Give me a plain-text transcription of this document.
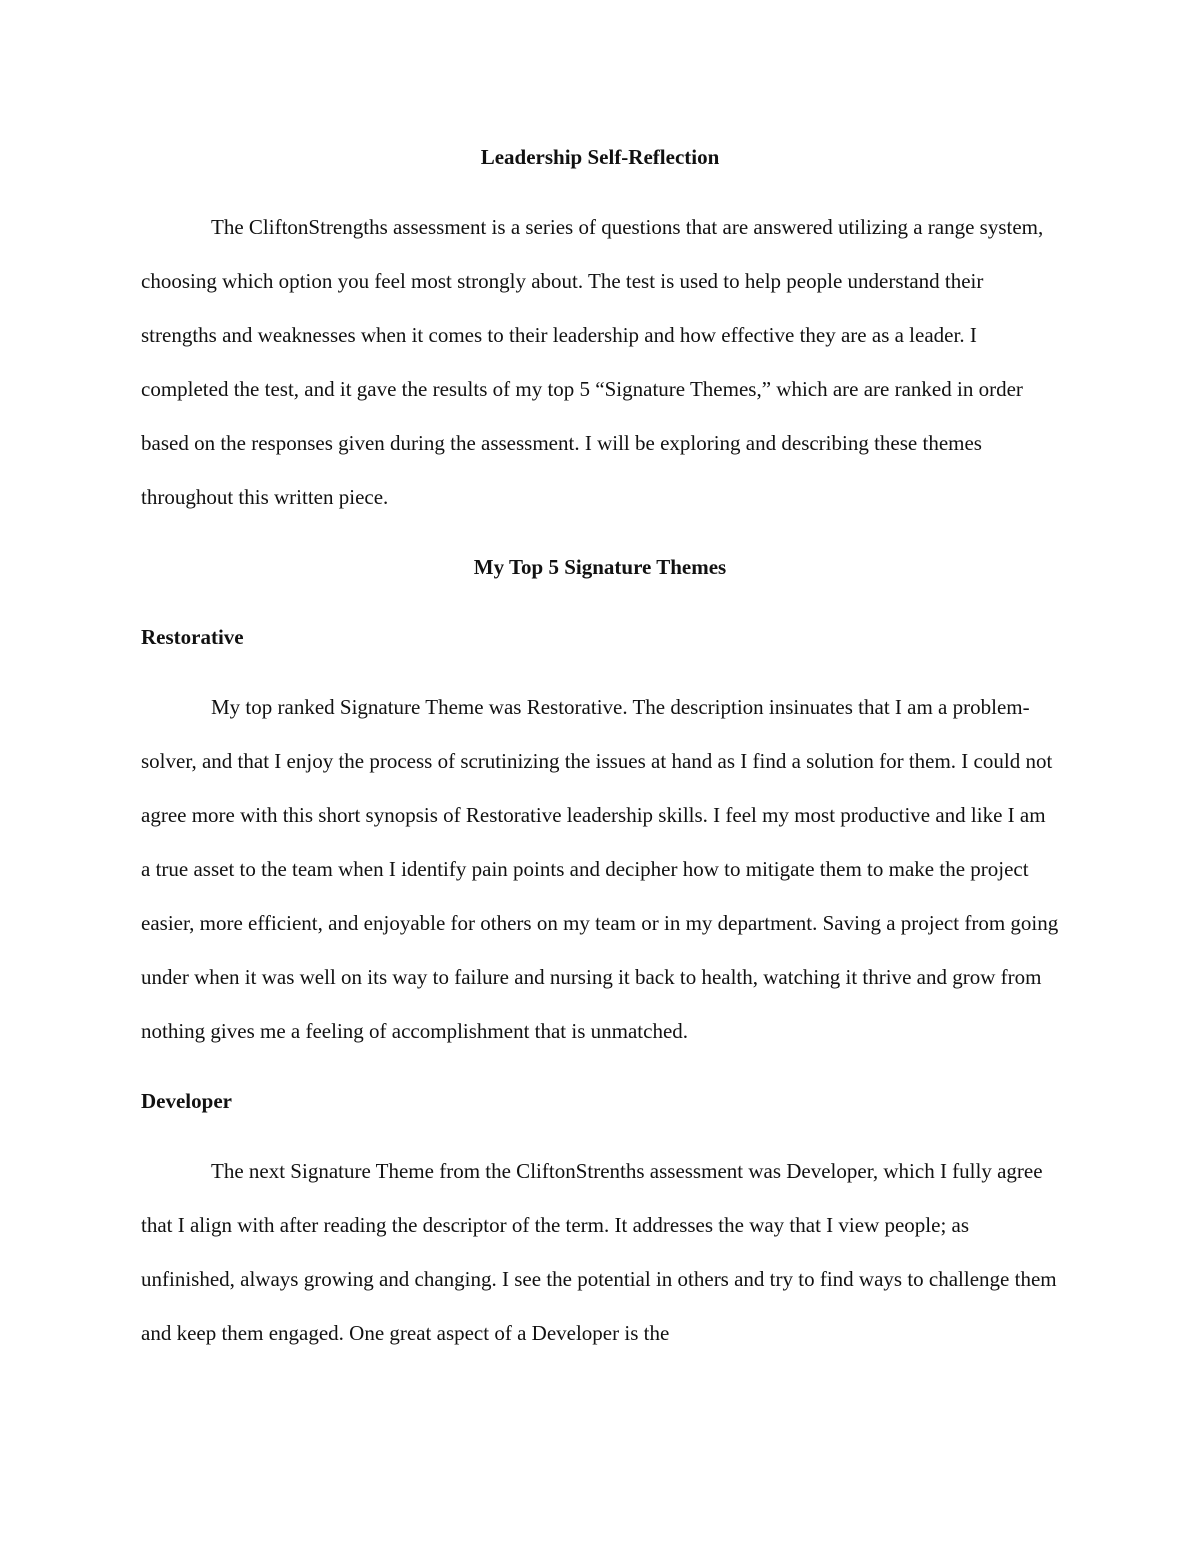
Leadership Self-Reflection

The CliftonStrengths assessment is a series of questions that are answered utilizing a range system, choosing which option you feel most strongly about. The test is used to help people understand their strengths and weaknesses when it comes to their leadership and how effective they are as a leader. I completed the test, and it gave the results of my top 5 “Signature Themes,” which are are ranked in order based on the responses given during the assessment. I will be exploring and describing these themes throughout this written piece.

My Top 5 Signature Themes

Restorative

My top ranked Signature Theme was Restorative. The description insinuates that I am a problem-solver, and that I enjoy the process of scrutinizing the issues at hand as I find a solution for them. I could not agree more with this short synopsis of Restorative leadership skills. I feel my most productive and like I am a true asset to the team when I identify pain points and decipher how to mitigate them to make the project easier, more efficient, and enjoyable for others on my team or in my department. Saving a project from going under when it was well on its way to failure and nursing it back to health, watching it thrive and grow from nothing gives me a feeling of accomplishment that is unmatched.

Developer

The next Signature Theme from the CliftonStrenths assessment was Developer, which I fully agree that I align with after reading the descriptor of the term. It addresses the way that I view people; as unfinished, always growing and changing. I see the potential in others and try to find ways to challenge them and keep them engaged. One great aspect of a Developer is the
